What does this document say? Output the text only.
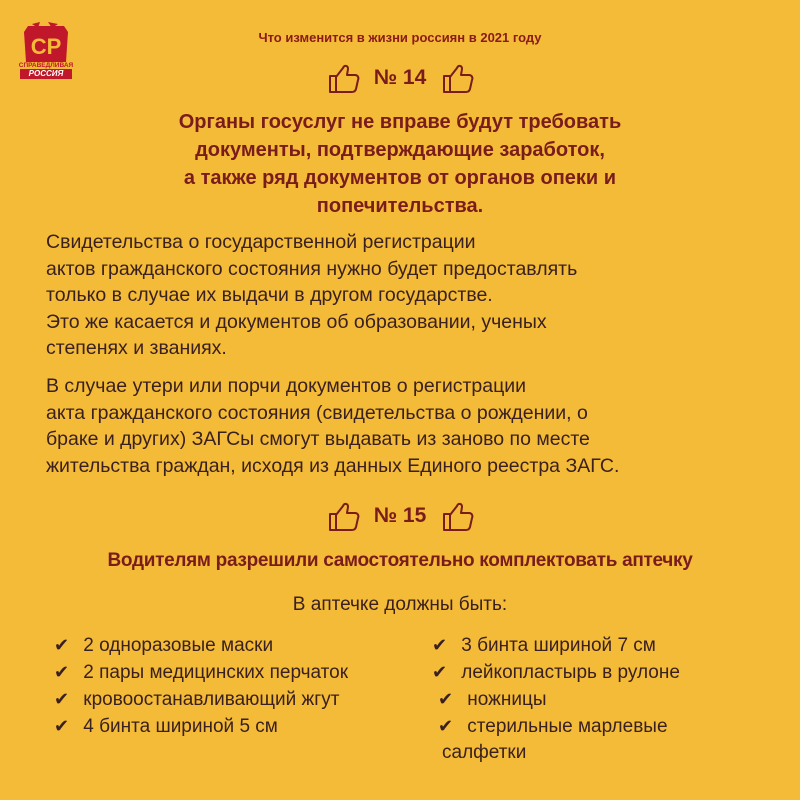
СР
СПРАВЕДЛИВАЯ
РОССИЯ
Что изменится в жизни россиян в 2021 году
№ 14
Органы госуслуг не вправе будут требовать
документы, подтверждающие заработок,
а также ряд документов от органов опеки и
попечительства.
Свидетельства о государственной регистрации
актов гражданского состояния нужно будет предоставлять
только в случае их выдачи в другом государстве.
Это же касается и документов об образовании, ученых
степенях и званиях.
В случае утери или порчи документов о регистрации
акта гражданского состояния (свидетельства о рождении, о
браке и других) ЗАГСы смогут выдавать из заново по месте
жительства граждан, исходя из данных Единого реестра ЗАГС.
№ 15
Водителям разрешили самостоятельно комплектовать аптечку
В аптечке должны быть:
✔ 2 одноразовые маски
✔ 2 пары медицинских перчаток
✔ кровоостанавливающий жгут
✔ 4 бинта шириной 5 см
✔ 3 бинта шириной 7 см
✔ лейкопластырь в рулоне
✔ ножницы
✔ стерильные марлевые
салфетки
